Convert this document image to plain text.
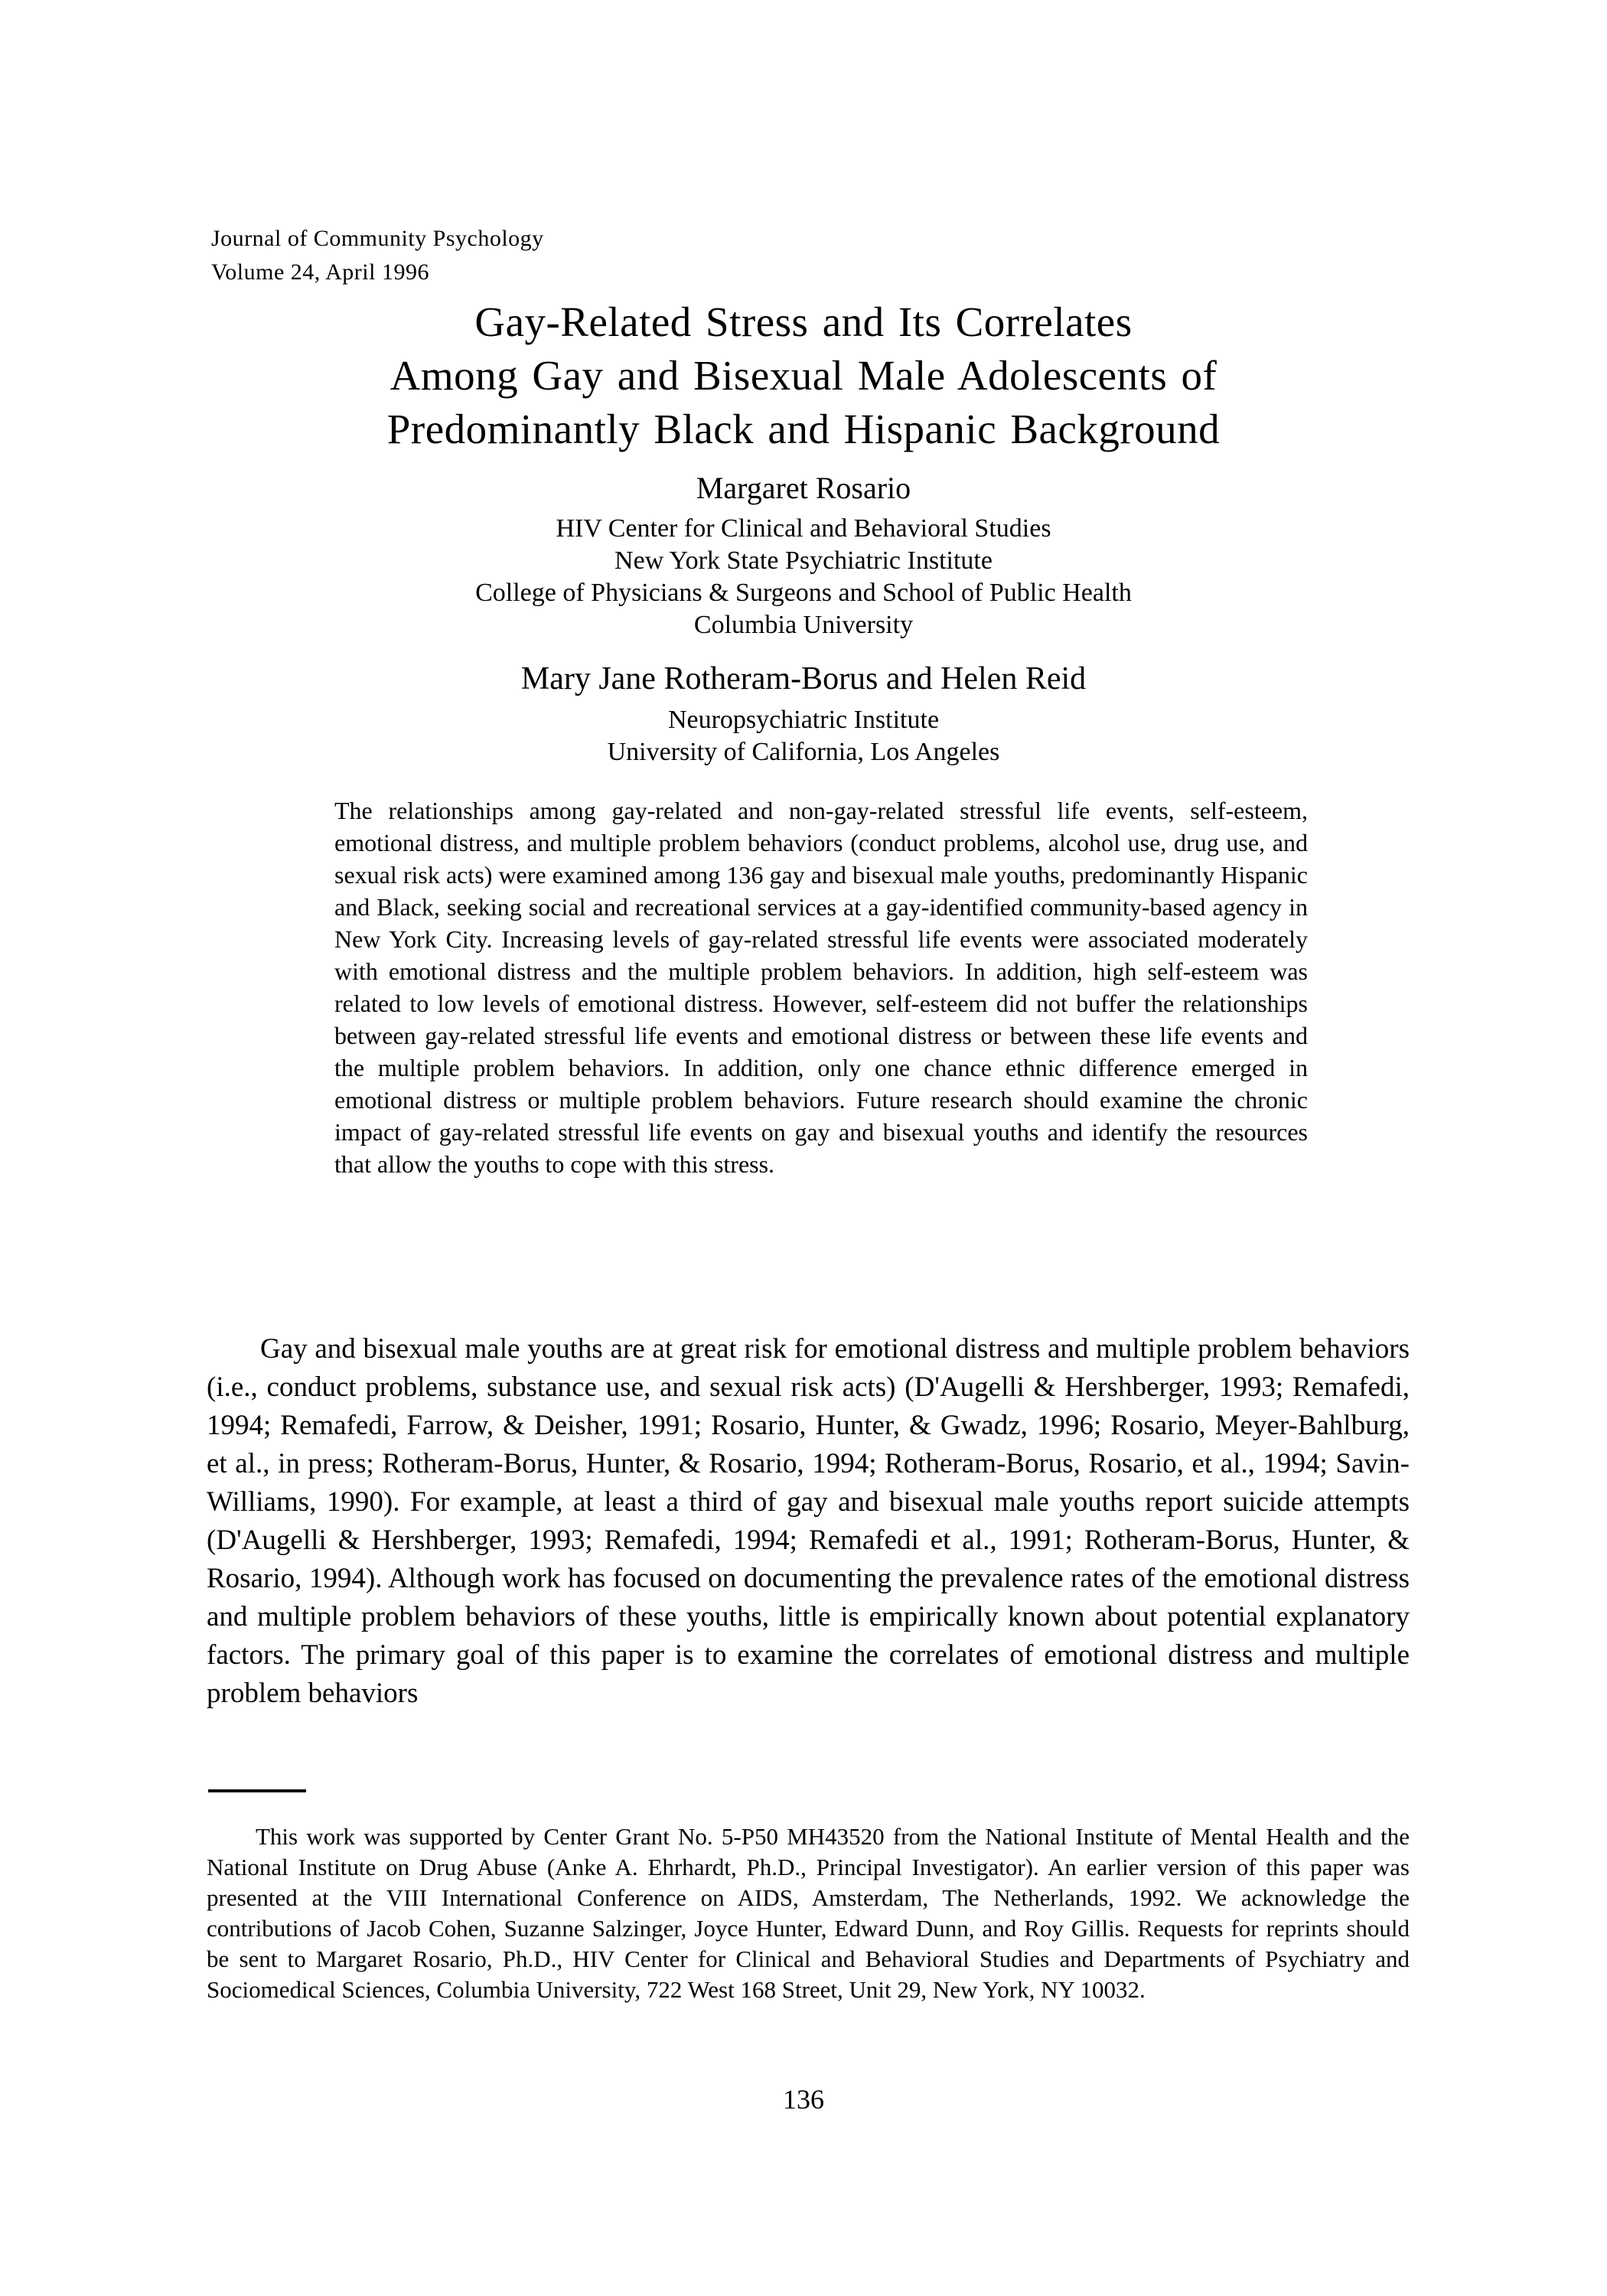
Journal of Community Psychology
Volume 24, April 1996
Gay-Related Stress and Its Correlates
Among Gay and Bisexual Male Adolescents of
Predominantly Black and Hispanic Background
Margaret Rosario
HIV Center for Clinical and Behavioral Studies
New York State Psychiatric Institute
College of Physicians & Surgeons and School of Public Health
Columbia University
Mary Jane Rotheram-Borus and Helen Reid
Neuropsychiatric Institute
University of California, Los Angeles
The relationships among gay-related and non-gay-related stressful life events, self-esteem, emotional distress, and multiple problem behaviors (conduct problems, alcohol use, drug use, and sexual risk acts) were examined among 136 gay and bisexual male youths, predominantly Hispanic and Black, seeking social and recreational services at a gay-identified community-based agency in New York City. Increasing levels of gay-related stressful life events were associated moderately with emotional distress and the multiple problem behaviors. In addition, high self-esteem was related to low levels of emotional distress. However, self-esteem did not buffer the relationships between gay-related stressful life events and emotional distress or between these life events and the multiple problem behaviors. In addition, only one chance ethnic difference emerged in emotional distress or multiple problem behaviors. Future research should examine the chronic impact of gay-related stressful life events on gay and bisexual youths and identify the resources that allow the youths to cope with this stress.

Gay and bisexual male youths are at great risk for emotional distress and multiple problem behaviors (i.e., conduct problems, substance use, and sexual risk acts) (D'Augelli & Hershberger, 1993; Remafedi, 1994; Remafedi, Farrow, & Deisher, 1991; Rosario, Hunter, & Gwadz, 1996; Rosario, Meyer-Bahlburg, et al., in press; Rotheram-Borus, Hunter, & Rosario, 1994; Rotheram-Borus, Rosario, et al., 1994; Savin-Williams, 1990). For example, at least a third of gay and bisexual male youths report suicide attempts (D'Augelli & Hershberger, 1993; Remafedi, 1994; Remafedi et al., 1991; Rotheram-Borus, Hunter, & Rosario, 1994). Although work has focused on documenting the prevalence rates of the emotional distress and multiple problem behaviors of these youths, little is empirically known about potential explanatory factors. The primary goal of this paper is to examine the correlates of emotional distress and multiple problem behaviors

This work was supported by Center Grant No. 5-P50 MH43520 from the National Institute of Mental Health and the National Institute on Drug Abuse (Anke A. Ehrhardt, Ph.D., Principal Investigator). An earlier version of this paper was presented at the VIII International Conference on AIDS, Amsterdam, The Netherlands, 1992. We acknowledge the contributions of Jacob Cohen, Suzanne Salzinger, Joyce Hunter, Edward Dunn, and Roy Gillis. Requests for reprints should be sent to Margaret Rosario, Ph.D., HIV Center for Clinical and Behavioral Studies and Departments of Psychiatry and Sociomedical Sciences, Columbia University, 722 West 168 Street, Unit 29, New York, NY 10032.

136
